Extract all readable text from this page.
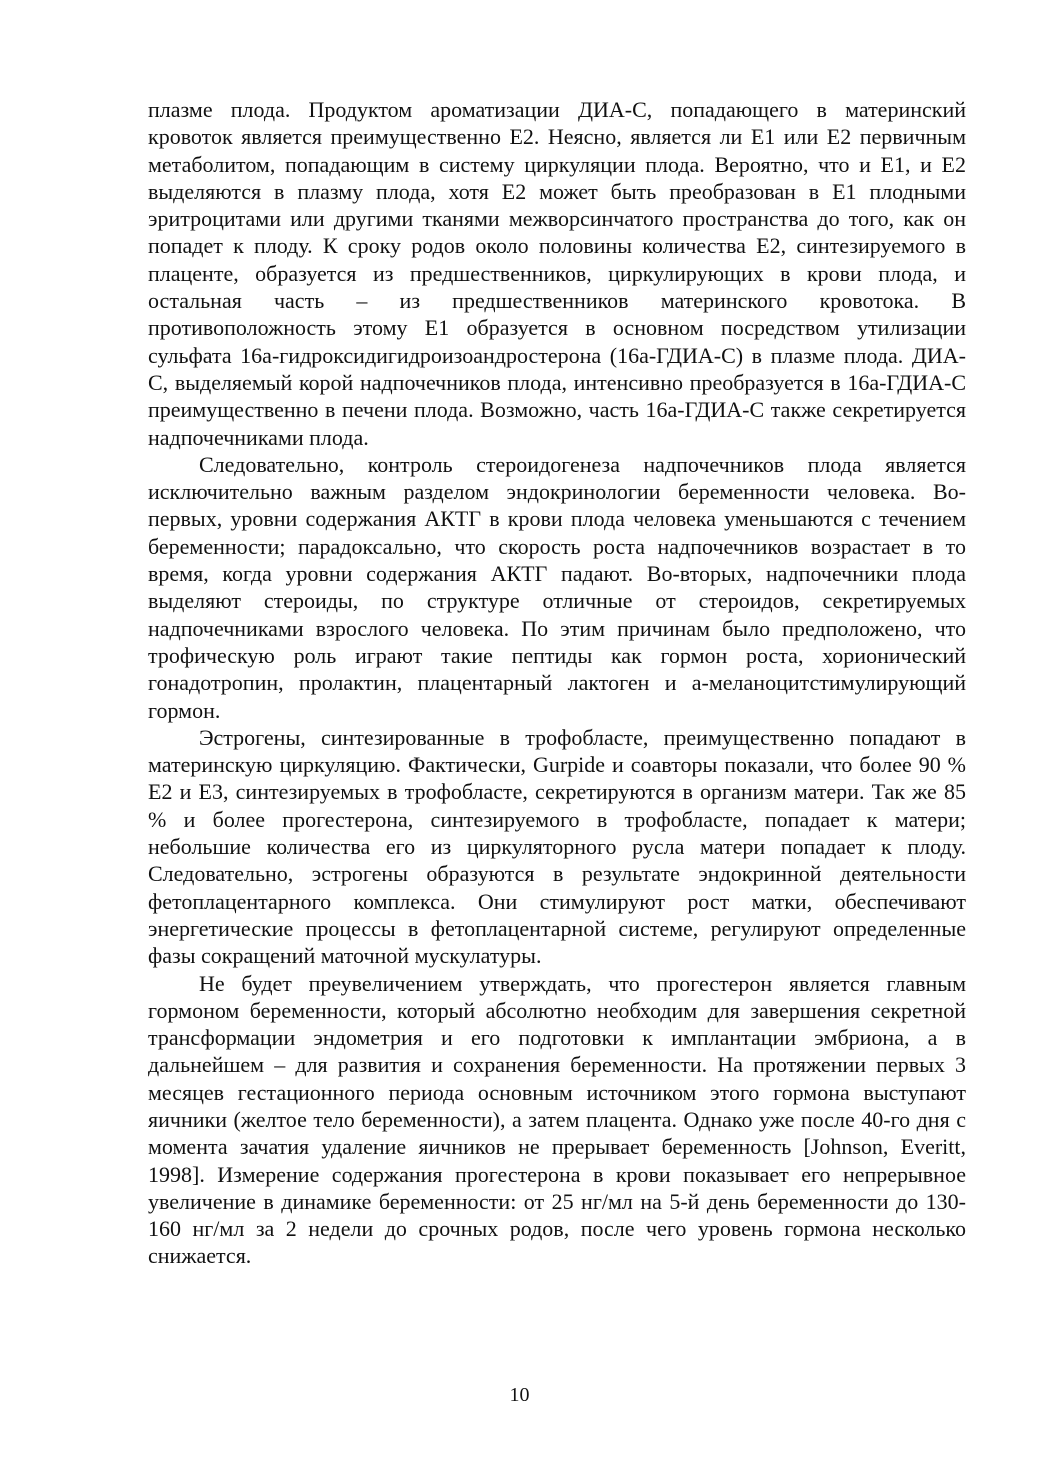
плазме плода. Продуктом ароматизации ДИА-С, попадающего в материнский кровоток является преимущественно Е2. Неясно, является ли Е1 или Е2 первичным метаболитом, попадающим в систему циркуляции плода. Вероятно, что и Е1, и Е2 выделяются в плазму плода, хотя Е2 может быть преобразован в Е1 плодными эритроцитами или другими тканями межворсинчатого пространства до того, как он попадет к плоду. К сроку родов около половины количества Е2, синтезируемого в плаценте, образуется из предшественников, циркулирующих в крови плода, и остальная часть – из предшественников материнского кровотока. В противоположность этому Е1 образуется в основном посредством утилизации сульфата 16а-гидроксидигидроизоандростерона (16а-ГДИА-С) в плазме плода. ДИА-С, выделяемый корой надпочечников плода, интенсивно преобразуется в 16а-ГДИА-С преимущественно в печени плода. Возможно, часть 16а-ГДИА-С также секретируется надпочечниками плода.

Следовательно, контроль стероидогенеза надпочечников плода является исключительно важным разделом эндокринологии беременности человека. Во-первых, уровни содержания АКТГ в крови плода человека уменьшаются с течением беременности; парадоксально, что скорость роста надпочечников возрастает в то время, когда уровни содержания АКТГ падают. Во-вторых, надпочечники плода выделяют стероиды, по структуре отличные от стероидов, секретируемых надпочечниками взрослого человека. По этим причинам было предположено, что трофическую роль играют такие пептиды как гормон роста, хорионический гонадотропин, пролактин, плацентарный лактоген и а-меланоцитстимулирующий гормон.

Эстрогены, синтезированные в трофобласте, преимущественно попадают в материнскую циркуляцию. Фактически, Gurpide и соавторы показали, что более 90 % Е2 и Е3, синтезируемых в трофобласте, секретируются в организм матери. Так же 85 % и более прогестерона, синтезируемого в трофобласте, попадает к матери; небольшие количества его из циркуляторного русла матери попадает к плоду. Следовательно, эстрогены образуются в результате эндокринной деятельности фетоплацентарного комплекса. Они стимулируют рост матки, обеспечивают энергетические процессы в фетоплацентарной системе, регулируют определенные фазы сокращений маточной мускулатуры.

Не будет преувеличением утверждать, что прогестерон является главным гормоном беременности, который абсолютно необходим для завершения секретной трансформации эндометрия и его подготовки к имплантации эмбриона, а в дальнейшем – для развития и сохранения беременности. На протяжении первых 3 месяцев гестационного периода основным источником этого гормона выступают яичники (желтое тело беременности), а затем плацента. Однако уже после 40-го дня с момента зачатия удаление яичников не прерывает беременность [Johnson, Everitt, 1998]. Измерение содержания прогестерона в крови показывает его непрерывное увеличение в динамике беременности: от 25 нг/мл на 5-й день беременности до 130-160 нг/мл за 2 недели до срочных родов, после чего уровень гормона несколько снижается.

10
